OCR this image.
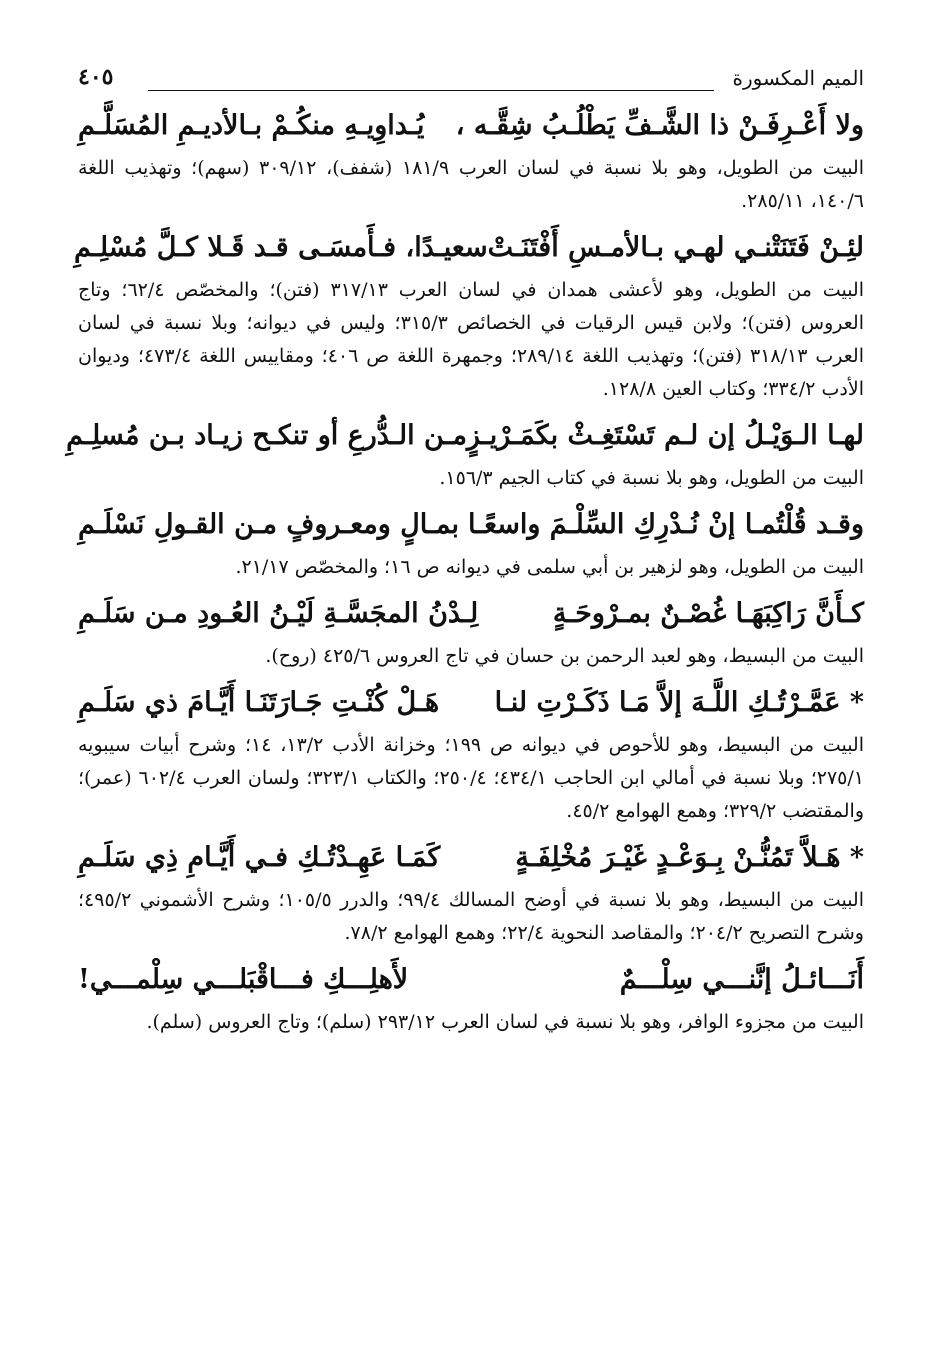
الميم المكسورة
٤٠٥
ولا أَعْـرِفَـنْ ذا الشَّـفِّ يَطْلُـبُ شِقَّـه ،
يُـداوِيـهِ منكُـمْ بـالأديـمِ المُسَلَّـمِ
البيت من الطويل، وهو بلا نسبة في لسان العرب ١٨١/٩ (شفف)، ٣٠٩/١٢ (سهم)؛ وتهذيب اللغة ١٤٠/٦، ٢٨٥/١١.
لئِـنْ فَتَنَتْنـي لهـي بـالأمـسِ أَفْتَنَـتْ
سعيـدًا، فـأَمسَـى قـد قَـلا كـلَّ مُسْلِـمِ
البيت من الطويل، وهو لأعشى همدان في لسان العرب ٣١٧/١٣ (فتن)؛ والمخصّص ٦٢/٤؛ وتاج العروس (فتن)؛ ولابن قيس الرقيات في الخصائص ٣١٥/٣؛ وليس في ديوانه؛ وبلا نسبة في لسان العرب ٣١٨/١٣ (فتن)؛ وتهذيب اللغة ٢٨٩/١٤؛ وجمهرة اللغة ص ٤٠٦؛ ومقاييس اللغة ٤٧٣/٤؛ وديوان الأدب ٣٣٤/٢؛ وكتاب العين ١٢٨/٨.
لهـا الـوَيْـلُ إن لـم تَسْتَغِـثْ بكَمَـرْيـزٍ
مـن الـدُّرعِ أو تنكـح زيـاد بـن مُسلِـمِ
البيت من الطويل، وهو بلا نسبة في كتاب الجيم ١٥٦/٣.
وقـد قُلْتُمـا إنْ نُـدْرِكِ السِّلْـمَ واسعًـا
بمـالٍ ومعـروفٍ مـن القـولِ نَسْلَـمِ
البيت من الطويل، وهو لزهير بن أبي سلمى في ديوانه ص ١٦؛ والمخصّص ٢١/١٧.
كـأَنَّ رَاكِبَهَـا غُصْـنٌ بمـرْوحَـةٍ
لِـدْنُ المجَسَّـةِ لَيْـنُ العُـودِ مـن سَلَـمِ
البيت من البسيط، وهو لعبد الرحمن بن حسان في تاج العروس ٤٢٥/٦ (روح).
* عَمَّـرْتُـكِ اللَّـهَ إلاَّ مَـا ذَكَـرْتِ لنـا
هَـلْ كُنْـتِ جَـارَتَنَـا أَيَّـامَ ذي سَلَـمِ
البيت من البسيط، وهو للأحوص في ديوانه ص ١٩٩؛ وخزانة الأدب ١٣/٢، ١٤؛ وشرح أبيات سيبويه ٢٧٥/١؛ وبلا نسبة في أمالي ابن الحاجب ٤٣٤/١؛ ٢٥٠/٤؛ والكتاب ٣٢٣/١؛ ولسان العرب ٦٠٢/٤ (عمر)؛ والمقتضب ٣٢٩/٢؛ وهمع الهوامع ٤٥/٢.
* هَـلاَّ تَمُنُّـنْ بِـوَعْـدٍ غَيْـرَ مُخْلِفَـةٍ
كَمَـا عَهِـدْتُـكِ فـي أَيَّـامِ ذِي سَلَـمِ
البيت من البسيط، وهو بلا نسبة في أوضح المسالك ٩٩/٤؛ والدرر ١٠٥/٥؛ وشرح الأشموني ٤٩٥/٢؛ وشرح التصريح ٢٠٤/٢؛ والمقاصد النحوية ٢٢/٤؛ وهمع الهوامع ٧٨/٢.
أَنَـــائـلُ إنَّنـــي سِلْـــمٌ
لأَهلِـــكِ فـــاقْبَلـــي سِلْمـــي!
البيت من مجزوء الوافر، وهو بلا نسبة في لسان العرب ٢٩٣/١٢ (سلم)؛ وتاج العروس (سلم).
